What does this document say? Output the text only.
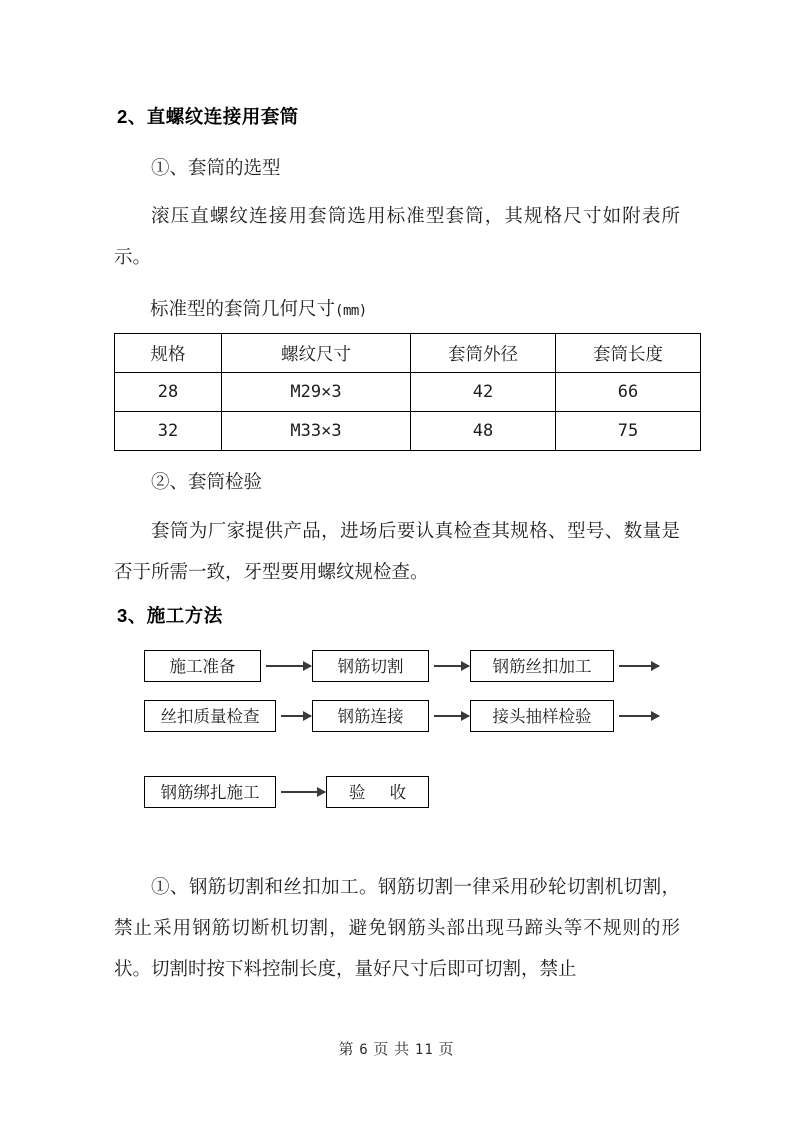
2、直螺纹连接用套筒

①、套筒的选型

滚压直螺纹连接用套筒选用标准型套筒，其规格尺寸如附表所示。

标准型的套筒几何尺寸(mm)
规格	螺纹尺寸	套筒外径	套筒长度
28	M29×3	42	66
32	M33×3	48	75

②、套筒检验

套筒为厂家提供产品，进场后要认真检查其规格、型号、数量是否于所需一致，牙型要用螺纹规检查。

3、施工方法
施工准备	钢筋切割	钢筋丝扣加工
丝扣质量检查	钢筋连接	接头抽样检验
钢筋绑扎施工	验 收

①、钢筋切割和丝扣加工。钢筋切割一律采用砂轮切割机切割，禁止采用钢筋切断机切割，避免钢筋头部出现马蹄头等不规则的形状。切割时按下料控制长度，量好尺寸后即可切割，禁止

第 6 页 共 11 页
